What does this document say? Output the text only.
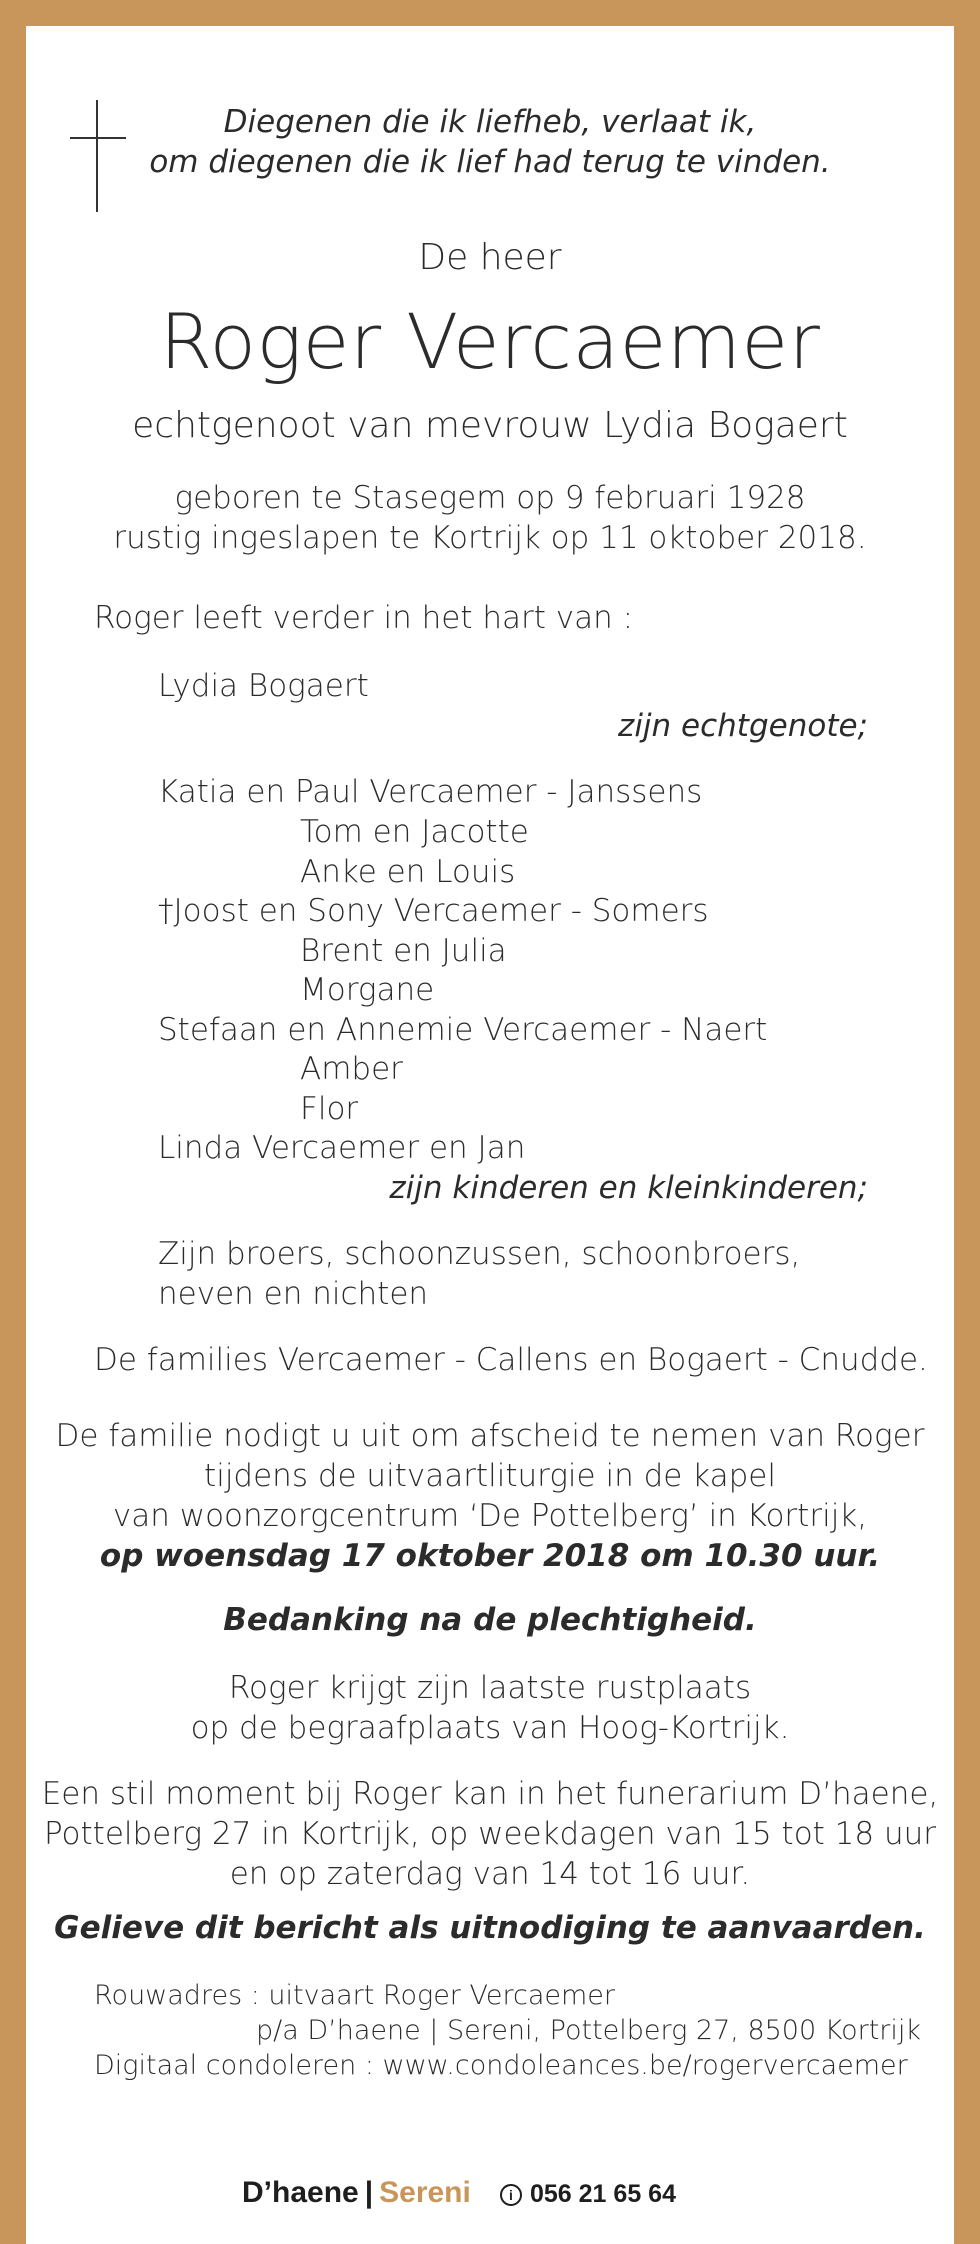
Diegenen die ik liefheb, verlaat ik,
om diegenen die ik lief had terug te vinden.
De heer
Roger Vercaemer
echtgenoot van mevrouw Lydia Bogaert
geboren te Stasegem op 9 februari 1928
rustig ingeslapen te Kortrijk op 11 oktober 2018.
Roger leeft verder in het hart van :
Lydia Bogaert
zijn echtgenote;
Katia en Paul Vercaemer - Janssens
Tom en Jacotte
Anke en Louis
†Joost en Sony Vercaemer - Somers
Brent en Julia
Morgane
Stefaan en Annemie Vercaemer - Naert
Amber
Flor
Linda Vercaemer en Jan
zijn kinderen en kleinkinderen;
Zijn broers, schoonzussen, schoonbroers,
neven en nichten
De families Vercaemer - Callens en Bogaert - Cnudde.
De familie nodigt u uit om afscheid te nemen van Roger
tijdens de uitvaartliturgie in de kapel
van woonzorgcentrum ‘De Pottelberg’ in Kortrijk,
op woensdag 17 oktober 2018 om 10.30 uur.
Bedanking na de plechtigheid.
Roger krijgt zijn laatste rustplaats
op de begraafplaats van Hoog-Kortrijk.
Een stil moment bij Roger kan in het funerarium D’haene,
Pottelberg 27 in Kortrijk, op weekdagen van 15 tot 18 uur
en op zaterdag van 14 tot 16 uur.
Gelieve dit bericht als uitnodiging te aanvaarden.
Rouwadres : uitvaart Roger Vercaemer
p/a D’haene | Sereni, Pottelberg 27, 8500 Kortrijk
Digitaal condoleren : www.condoleances.be/rogervercaemer
D’haene | Sereni	i 056 21 65 64
